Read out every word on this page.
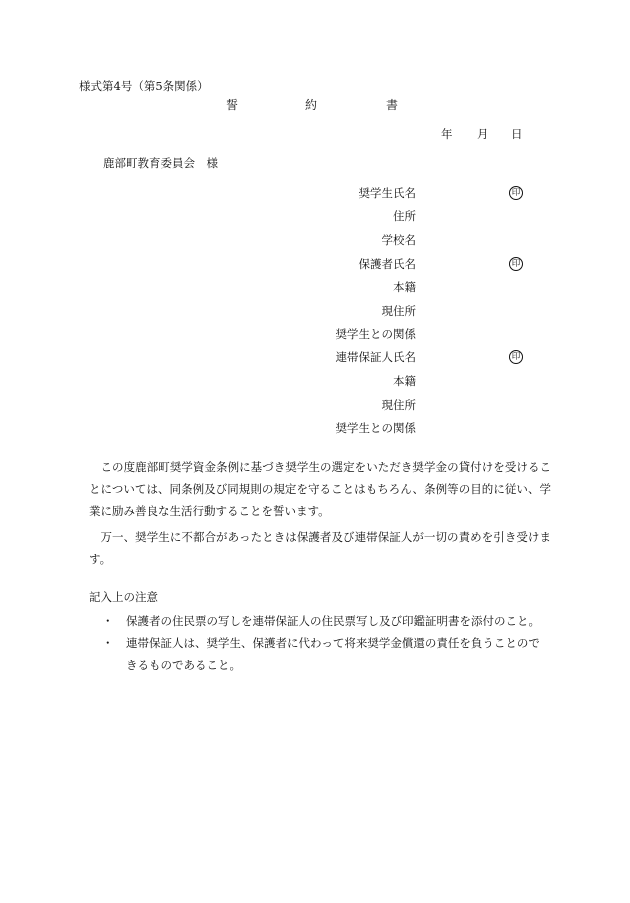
様式第4号（第5条関係）
誓	約	書
年 月 日
鹿部町教育委員会　様
奨学生氏名	印
住所
学校名
保護者氏名	印
本籍
現住所
奨学生との関係
連帯保証人氏名	印
本籍
現住所
奨学生との関係
この度鹿部町奨学資金条例に基づき奨学生の選定をいただき奨学金の貸付けを受けることについては、同条例及び同規則の規定を守ることはもちろん、条例等の目的に従い、学業に励み善良な生活行動することを誓います。
万一、奨学生に不都合があったときは保護者及び連帯保証人が一切の責めを引き受けます。
記入上の注意
・ 保護者の住民票の写しを連帯保証人の住民票写し及び印鑑証明書を添付のこと。
・ 連帯保証人は、奨学生、保護者に代わって将来奨学金償還の責任を負うことので
きるものであること。
